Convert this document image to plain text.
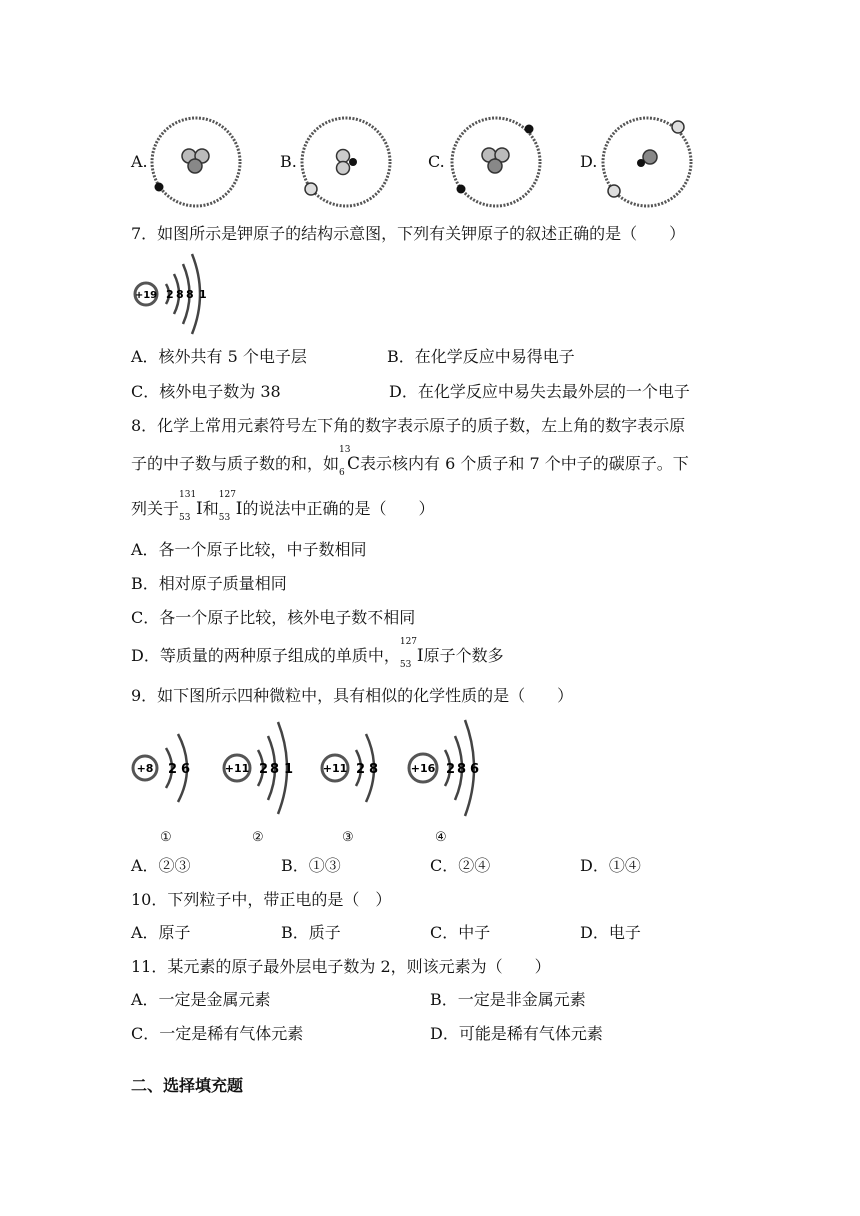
A.	B.	C.	D.
7．如图所示是钾原子的结构示意图，下列有关钾原子的叙述正确的是（　　）
+19 2 8 8 1
A．核外共有 5 个电子层	B．在化学反应中易得电子
C．核外电子数为 38	D．在化学反应中易失去最外层的一个电子
8．化学上常用元素符号左下角的数字表示原子的质子数，左上角的数字表示原
子的中子数与质子数的和，如
13
6 C表示核内有 6 个质子和 7 个中子的碳原子。下
列关于
131
53 I和
127
53 I的说法中正确的是（　　）
A．各一个原子比较，中子数相同
B．相对原子质量相同
C．各一个原子比较，核外电子数不相同
D．等质量的两种原子组成的单质中，
127
53 I原子个数多
9．如下图所示四种微粒中，具有相似的化学性质的是（　　）
+8 2 6	+11 2 8 1	+11 2 8	+16 2 8 6
①	②	③	④
A．②③	B．①③	C．②④	D．①④
10．下列粒子中，带正电的是（　）
A．原子	B．质子	C．中子	D．电子
11．某元素的原子最外层电子数为 2，则该元素为（　　）
A．一定是金属元素	B．一定是非金属元素
C．一定是稀有气体元素	D．可能是稀有气体元素
二、选择填充题
